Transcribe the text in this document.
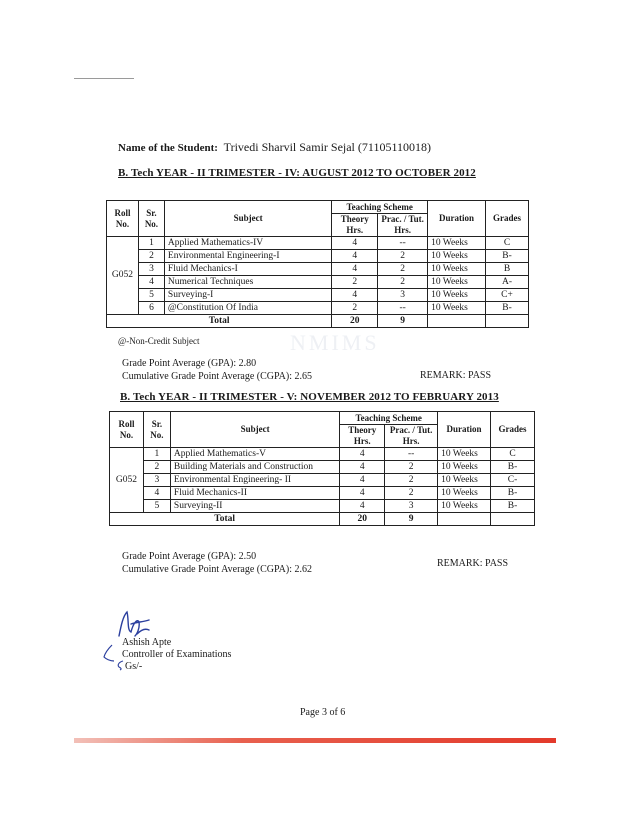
NMIMS
Name of the Student: Trivedi Sharvil Samir Sejal (71105110018)
B. Tech YEAR - II TRIMESTER - IV: AUGUST 2012 TO OCTOBER 2012
Roll No.	Sr. No.	Subject	Teaching Scheme		Duration	Grades
			Theory Hrs.	Prac. / Tut. Hrs.		
G052	1	Applied Mathematics-IV	4	--	10 Weeks	C
	2	Environmental Engineering-I	4	2	10 Weeks	B-
	3	Fluid Mechanics-I	4	2	10 Weeks	B
	4	Numerical Techniques	2	2	10 Weeks	A-
	5	Surveying-I	4	3	10 Weeks	C+
	6	@Constitution Of India	2	--	10 Weeks	B-
Total			20	9		
@-Non-Credit Subject
Grade Point Average (GPA): 2.80
Cumulative Grade Point Average (CGPA): 2.65	REMARK: PASS
B. Tech YEAR - II TRIMESTER - V: NOVEMBER 2012 TO FEBRUARY 2013
Roll No.	Sr. No.	Subject	Teaching Scheme		Duration	Grades
			Theory Hrs.	Prac. / Tut. Hrs.		
G052	1	Applied Mathematics-V	4	--	10 Weeks	C
	2	Building Materials and Construction	4	2	10 Weeks	B-
	3	Environmental Engineering- II	4	2	10 Weeks	C-
	4	Fluid Mechanics-II	4	2	10 Weeks	B-
	5	Surveying-II	4	3	10 Weeks	B-
Total			20	9		
Grade Point Average (GPA): 2.50
Cumulative Grade Point Average (CGPA): 2.62
REMARK: PASS
Ashish Apte
Controller of Examinations
Gs/-
Page 3 of 6
